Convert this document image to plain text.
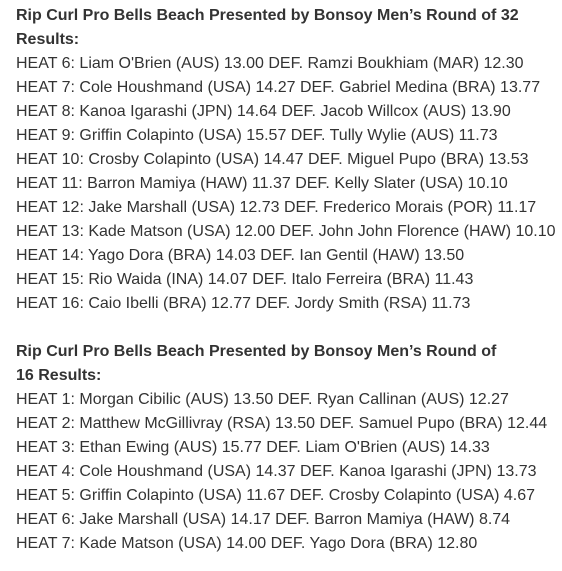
Rip Curl Pro Bells Beach Presented by Bonsoy Men’s Round of 32 Results:
HEAT 6: Liam O'Brien (AUS) 13.00 DEF. Ramzi Boukhiam (MAR) 12.30
HEAT 7: Cole Houshmand (USA) 14.27 DEF. Gabriel Medina (BRA) 13.77
HEAT 8: Kanoa Igarashi (JPN) 14.64 DEF. Jacob Willcox (AUS) 13.90
HEAT 9: Griffin Colapinto (USA) 15.57 DEF. Tully Wylie (AUS) 11.73
HEAT 10: Crosby Colapinto (USA) 14.47 DEF. Miguel Pupo (BRA) 13.53
HEAT 11: Barron Mamiya (HAW) 11.37 DEF. Kelly Slater (USA) 10.10
HEAT 12: Jake Marshall (USA) 12.73 DEF. Frederico Morais (POR) 11.17
HEAT 13: Kade Matson (USA) 12.00 DEF. John John Florence (HAW) 10.10
HEAT 14: Yago Dora (BRA) 14.03 DEF. Ian Gentil (HAW) 13.50
HEAT 15: Rio Waida (INA) 14.07 DEF. Italo Ferreira (BRA) 11.43
HEAT 16: Caio Ibelli (BRA) 12.77 DEF. Jordy Smith (RSA) 11.73
Rip Curl Pro Bells Beach Presented by Bonsoy Men’s Round of 16 Results:
HEAT 1: Morgan Cibilic (AUS) 13.50 DEF. Ryan Callinan (AUS) 12.27
HEAT 2: Matthew McGillivray (RSA) 13.50 DEF. Samuel Pupo (BRA) 12.44
HEAT 3: Ethan Ewing (AUS) 15.77 DEF. Liam O'Brien (AUS) 14.33
HEAT 4: Cole Houshmand (USA) 14.37 DEF. Kanoa Igarashi (JPN) 13.73
HEAT 5: Griffin Colapinto (USA) 11.67 DEF. Crosby Colapinto (USA) 4.67
HEAT 6: Jake Marshall (USA) 14.17 DEF. Barron Mamiya (HAW) 8.74
HEAT 7: Kade Matson (USA) 14.00 DEF. Yago Dora (BRA) 12.80
